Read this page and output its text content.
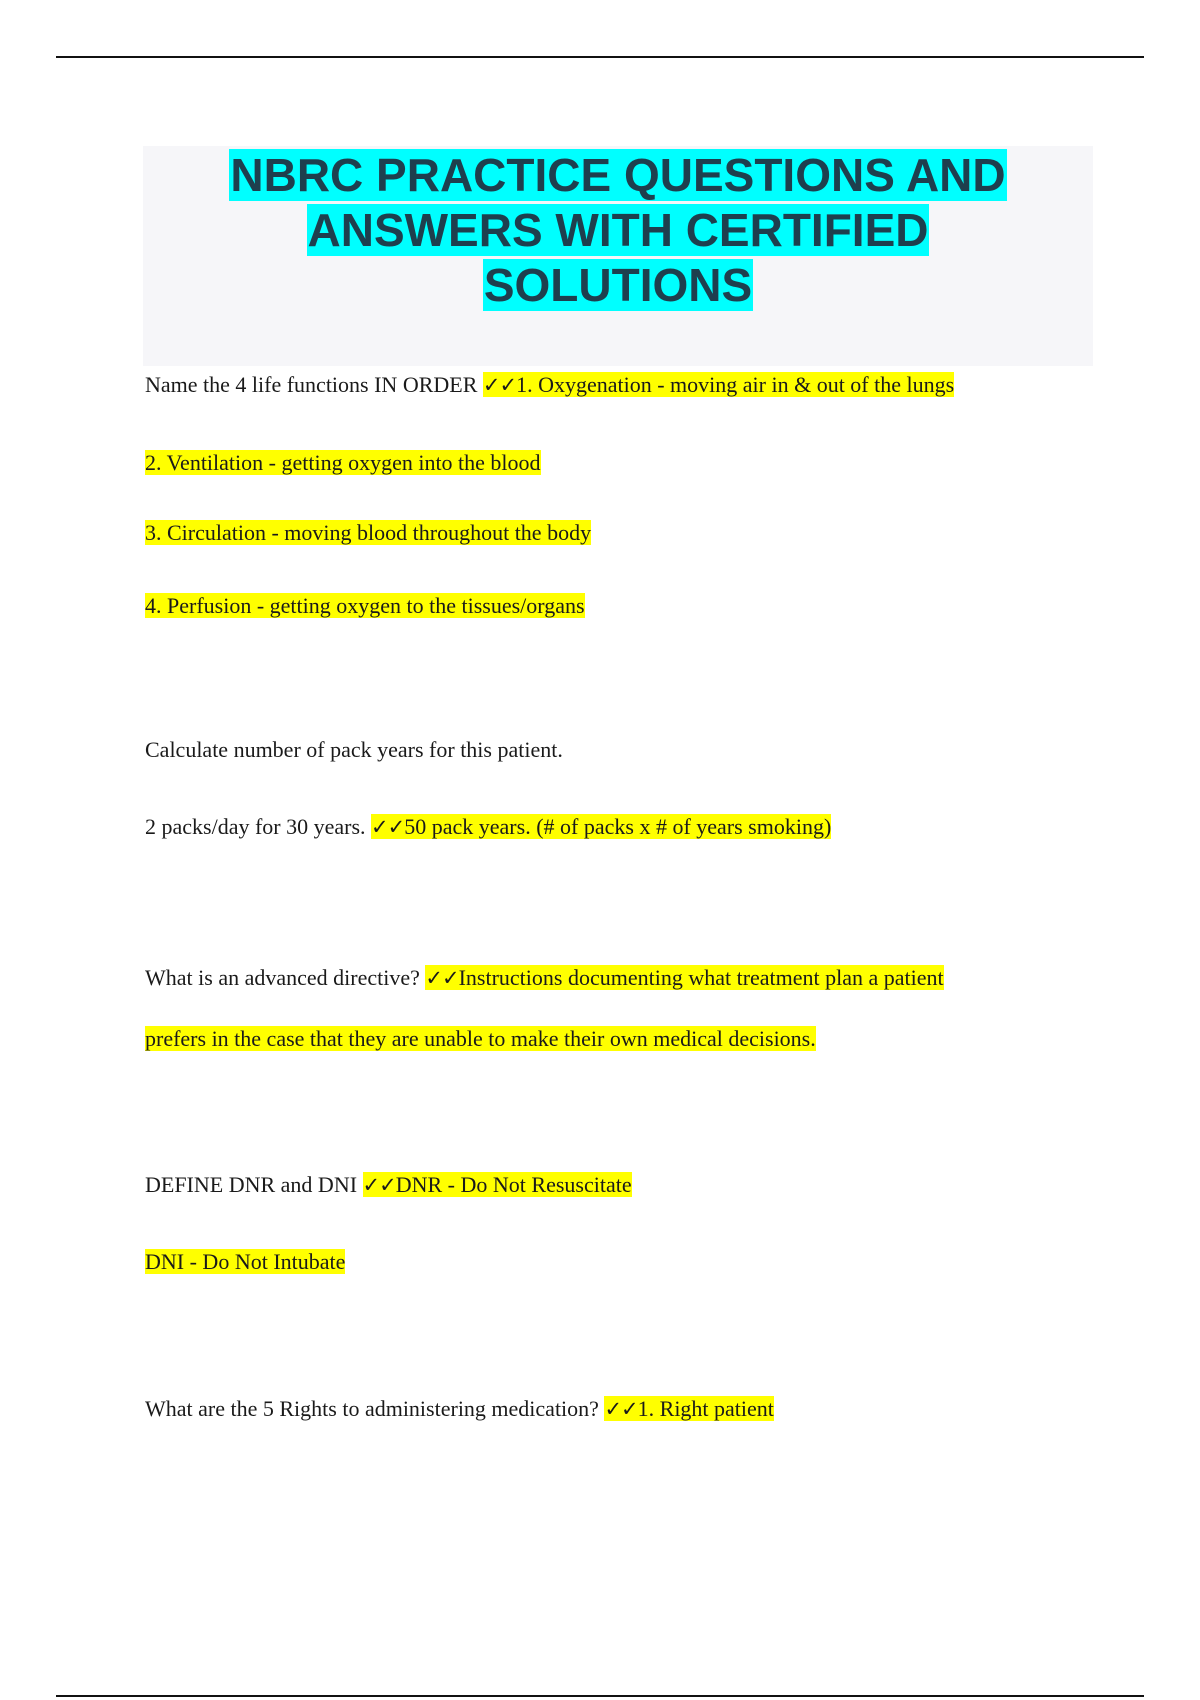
NBRC PRACTICE QUESTIONS AND
ANSWERS WITH CERTIFIED
SOLUTIONS
Name the 4 life functions IN ORDER ✓✓1. Oxygenation - moving air in & out of the lungs
2. Ventilation - getting oxygen into the blood
3. Circulation - moving blood throughout the body
4. Perfusion - getting oxygen to the tissues/organs
Calculate number of pack years for this patient.
2 packs/day for 30 years. ✓✓50 pack years. (# of packs x # of years smoking)
What is an advanced directive? ✓✓Instructions documenting what treatment plan a patient
prefers in the case that they are unable to make their own medical decisions.
DEFINE DNR and DNI ✓✓DNR - Do Not Resuscitate
DNI - Do Not Intubate
What are the 5 Rights to administering medication? ✓✓1. Right patient
